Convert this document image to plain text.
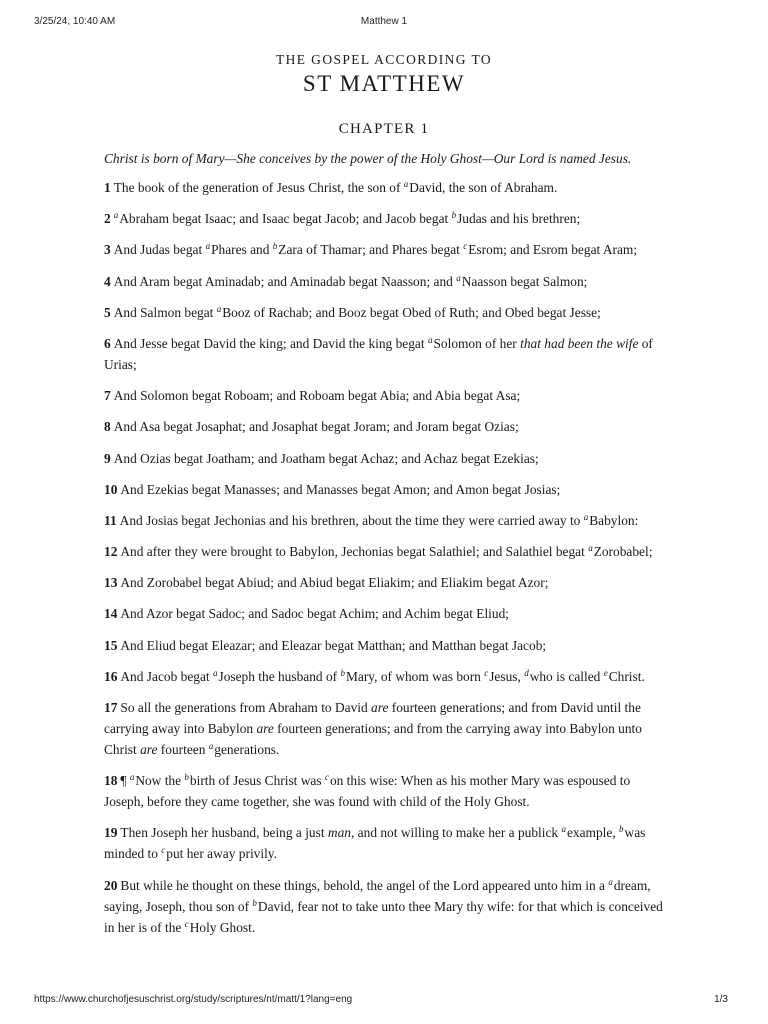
3/25/24, 10:40 AM	Matthew 1

THE GOSPEL ACCORDING TO

ST MATTHEW
CHAPTER 1

Christ is born of Mary—She conceives by the power of the Holy Ghost—Our Lord is named Jesus.

1 The book of the generation of Jesus Christ, the son of $^a$David, the son of Abraham.

2 $^a$Abraham begat Isaac; and Isaac begat Jacob; and Jacob begat $^b$Judas and his brethren;

3 And Judas begat $^a$Phares and $^b$Zara of Thamar; and Phares begat $^c$Esrom; and Esrom begat Aram;

4 And Aram begat Aminadab; and Aminadab begat Naasson; and $^a$Naasson begat Salmon;

5 And Salmon begat $^a$Booz of Rachab; and Booz begat Obed of Ruth; and Obed begat Jesse;

6 And Jesse begat David the king; and David the king begat $^a$Solomon of her that had been the wife of Urias;

7 And Solomon begat Roboam; and Roboam begat Abia; and Abia begat Asa;

8 And Asa begat Josaphat; and Josaphat begat Joram; and Joram begat Ozias;

9 And Ozias begat Joatham; and Joatham begat Achaz; and Achaz begat Ezekias;

10 And Ezekias begat Manasses; and Manasses begat Amon; and Amon begat Josias;

11 And Josias begat Jechonias and his brethren, about the time they were carried away to $^a$Babylon:

12 And after they were brought to Babylon, Jechonias begat Salathiel; and Salathiel begat $^a$Zorobabel;

13 And Zorobabel begat Abiud; and Abiud begat Eliakim; and Eliakim begat Azor;

14 And Azor begat Sadoc; and Sadoc begat Achim; and Achim begat Eliud;

15 And Eliud begat Eleazar; and Eleazar begat Matthan; and Matthan begat Jacob;

16 And Jacob begat $^a$Joseph the husband of $^b$Mary, of whom was born $^c$Jesus, $^d$who is called $^e$Christ.

17 So all the generations from Abraham to David are fourteen generations; and from David until the carrying away into Babylon are fourteen generations; and from the carrying away into Babylon unto Christ are fourteen $^a$generations.

18 ¶ $^a$Now the $^b$birth of Jesus Christ was $^c$on this wise: When as his mother Mary was espoused to Joseph, before they came together, she was found with child of the Holy Ghost.

19 Then Joseph her husband, being a just man, and not willing to make her a publick $^a$example, $^b$was minded to $^c$put her away privily.

20 But while he thought on these things, behold, the angel of the Lord appeared unto him in a $^a$dream, saying, Joseph, thou son of $^b$David, fear not to take unto thee Mary thy wife: for that which is conceived in her is of the $^c$Holy Ghost.

https://www.churchofjesuschrist.org/study/scriptures/nt/matt/1?lang=eng	1/3
